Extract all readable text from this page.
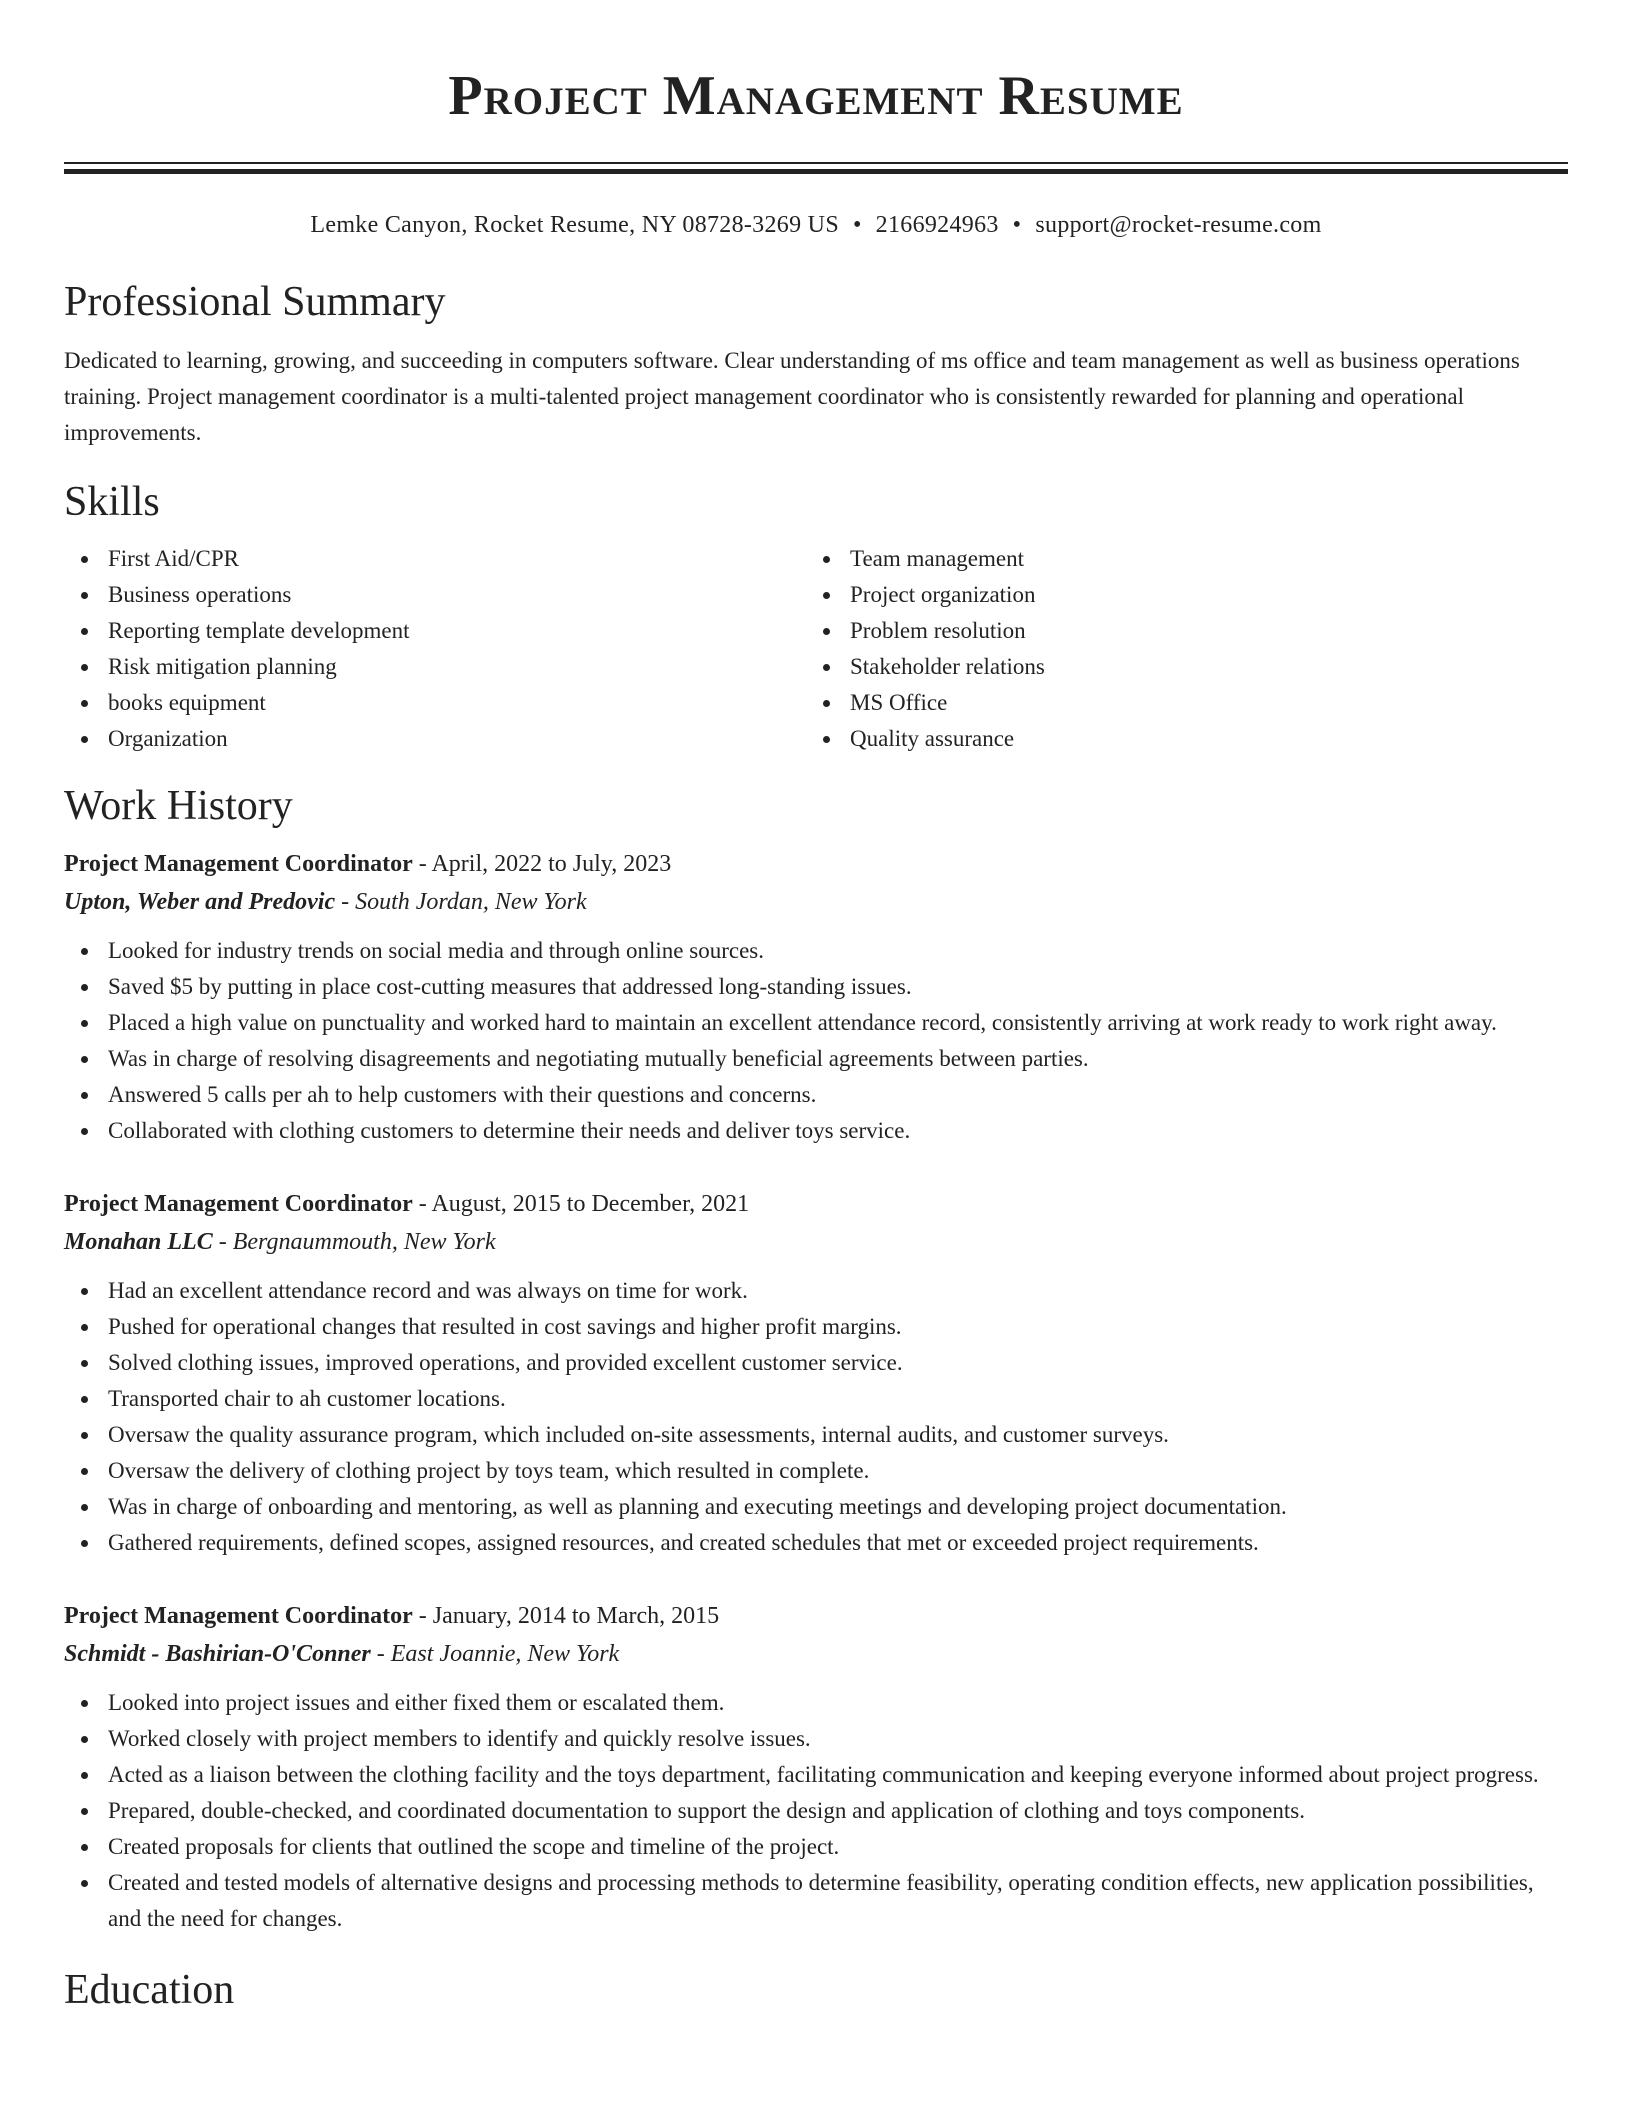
Project Management Resume
Lemke Canyon, Rocket Resume, NY 08728-3269 US • 2166924963 • support@rocket-resume.com
Professional Summary

Dedicated to learning, growing, and succeeding in computers software. Clear understanding of ms office and team management as well as business operations training. Project management coordinator is a multi-talented project management coordinator who is consistently rewarded for planning and operational improvements.

Skills
First Aid/CPR
Business operations
Reporting template development
Risk mitigation planning
books equipment
Organization
Team management
Project organization
Problem resolution
Stakeholder relations
MS Office
Quality assurance
Work History
Project Management Coordinator - April, 2022 to July, 2023
Upton, Weber and Predovic - South Jordan, New York
Looked for industry trends on social media and through online sources.
Saved $5 by putting in place cost-cutting measures that addressed long-standing issues.
Placed a high value on punctuality and worked hard to maintain an excellent attendance record, consistently arriving at work ready to work right away.
Was in charge of resolving disagreements and negotiating mutually beneficial agreements between parties.
Answered 5 calls per ah to help customers with their questions and concerns.
Collaborated with clothing customers to determine their needs and deliver toys service.
Project Management Coordinator - August, 2015 to December, 2021
Monahan LLC - Bergnaummouth, New York
Had an excellent attendance record and was always on time for work.
Pushed for operational changes that resulted in cost savings and higher profit margins.
Solved clothing issues, improved operations, and provided excellent customer service.
Transported chair to ah customer locations.
Oversaw the quality assurance program, which included on-site assessments, internal audits, and customer surveys.
Oversaw the delivery of clothing project by toys team, which resulted in complete.
Was in charge of onboarding and mentoring, as well as planning and executing meetings and developing project documentation.
Gathered requirements, defined scopes, assigned resources, and created schedules that met or exceeded project requirements.
Project Management Coordinator - January, 2014 to March, 2015
Schmidt - Bashirian-O'Conner - East Joannie, New York
Looked into project issues and either fixed them or escalated them.
Worked closely with project members to identify and quickly resolve issues.
Acted as a liaison between the clothing facility and the toys department, facilitating communication and keeping everyone informed about project progress.
Prepared, double-checked, and coordinated documentation to support the design and application of clothing and toys components.
Created proposals for clients that outlined the scope and timeline of the project.
Created and tested models of alternative designs and processing methods to determine feasibility, operating condition effects, new application possibilities, and the need for changes.
Education
